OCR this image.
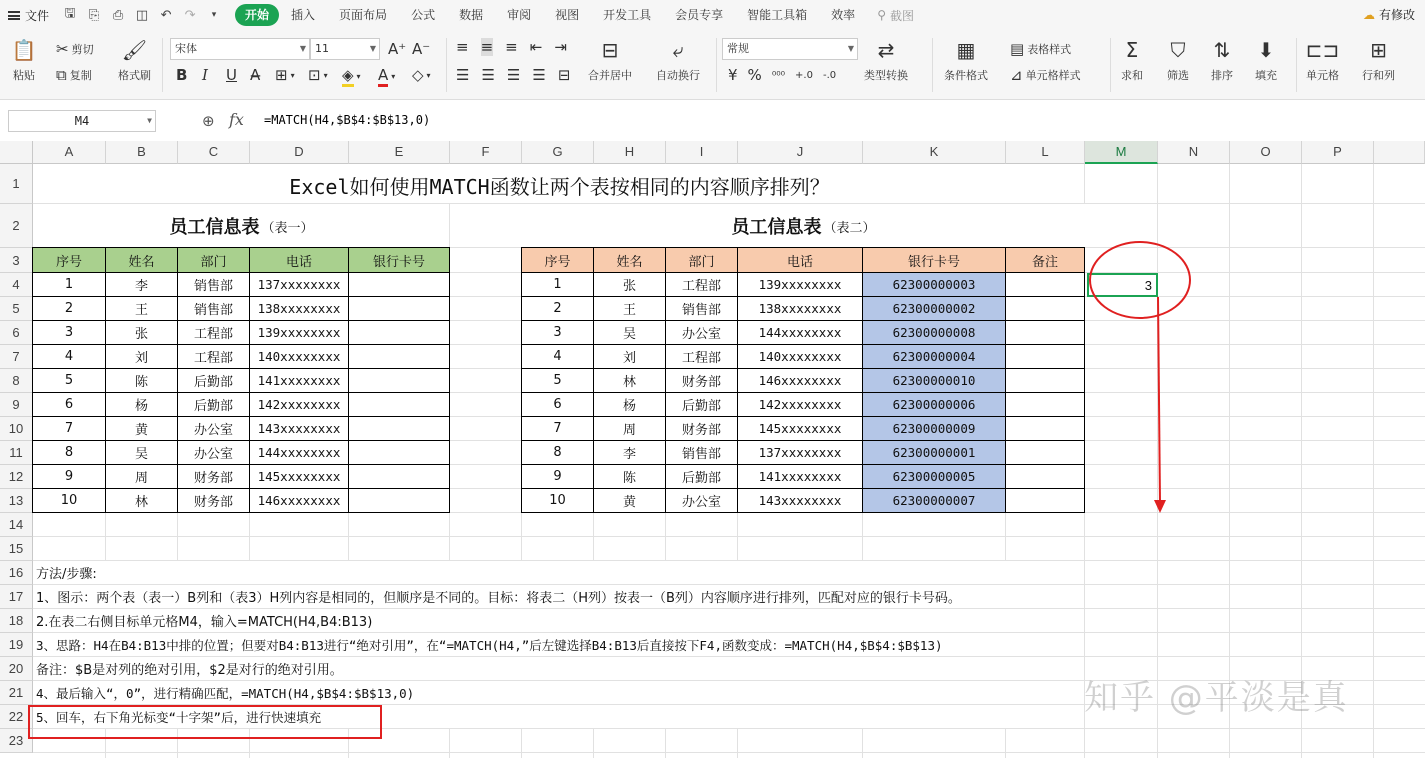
文件 🖫 ⎘ ⎙ ◫ ↶ ↷	▾	开始	插入	页面布局	公式	数据	审阅	视图	开发工具	会员专享	智能工具箱	效率	⚲ 截图	☁ 有修改
📋
粘贴
✂ 剪切
⧉ 复制
🖌
格式刷
宋体	▼ 11	▼ A⁺ A⁻
B I U A̶ ⊞ ▾ ⊡ ▾ ◈ ▾ A ▾ ◇ ▾
≡ ≡ ≡ ⇤ ⇥
☰ ☰ ☰ ☰ ⊟
⊟
合并居中
⤶
自动换行
常规	▼
¥ % ⁰⁰⁰ +.0 -.0
⇄
类型转换
▦
条件格式
▤ 表格样式
⊿ 单元格样式
Σ
求和
⛉
筛选
⇅
排序
⬇
填充
⊏⊐
单元格
⊞
行和列
M4	▼	⊕ fx =MATCH(H4,$B$4:$B$13,0)
A	B	C	D	E	F	G	H	I	J	K	L	M	N	O	P
1
2
3
4
5
6
7
8
9
10
11
12
13
14
15
16
17
18
19
20
21
22
23
Excel如何使用MATCH函数让两个表按相同的内容顺序排列？
员工信息表 （表一）	员工信息表 （表二）
序号	姓名	部门	电话	银行卡号
1	李	销售部	137xxxxxxxx
2	王	销售部	138xxxxxxxx
3	张	工程部	139xxxxxxxx
4	刘	工程部	140xxxxxxxx
5	陈	后勤部	141xxxxxxxx
6	杨	后勤部	142xxxxxxxx
7	黄	办公室	143xxxxxxxx
8	吴	办公室	144xxxxxxxx
9	周	财务部	145xxxxxxxx
10	林	财务部	146xxxxxxxx
序号	姓名	部门	电话	银行卡号	备注
1	张	工程部	139xxxxxxxx	62300000003
2	王	销售部	138xxxxxxxx	62300000002
3	吴	办公室	144xxxxxxxx	62300000008
4	刘	工程部	140xxxxxxxx	62300000004
5	林	财务部	146xxxxxxxx	62300000010
6	杨	后勤部	142xxxxxxxx	62300000006
7	周	财务部	145xxxxxxxx	62300000009
8	李	销售部	137xxxxxxxx	62300000001
9	陈	后勤部	141xxxxxxxx	62300000005
10	黄	办公室	143xxxxxxxx	62300000007
方法/步骤:
1、图示：两个表（表一）B列和（表3）H列内容是相同的，但顺序是不同的。目标：将表二（H列）按表一（B列）内容顺序进行排列，匹配对应的银行卡号码。
2.在表二右侧目标单元格M4，输入=MATCH(H4,B4:B13)
3、思路：H4在B4:B13中排的位置；但要对B4:B13进行“绝对引用”，在“=MATCH(H4,”后左键选择B4:B13后直接按下F4,函数变成：=MATCH(H4,$B$4:$B$13)
备注：$B是对列的绝对引用，$2是对行的绝对引用。
4、最后输入“，0”，进行精确匹配，=MATCH(H4,$B$4:$B$13,0)
5、回车，右下角光标变“十字架”后，进行快速填充
3
知乎 @平淡是真
